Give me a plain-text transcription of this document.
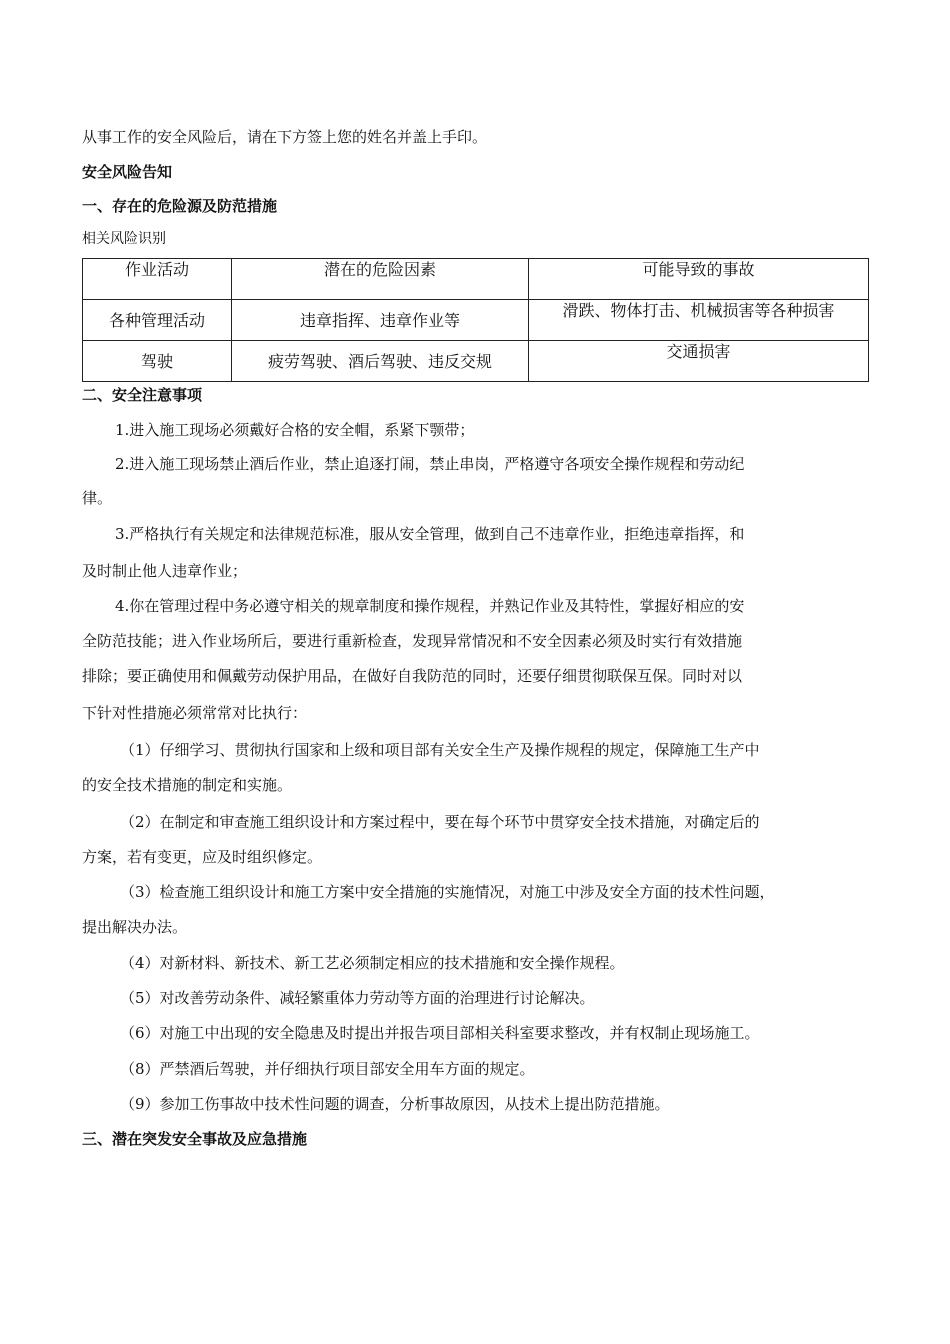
从事工作的安全风险后，请在下方签上您的姓名并盖上手印。
安全风险告知
一、存在的危险源及防范措施
相关风险识别
作业活动	潜在的危险因素	可能导致的事故
各种管理活动	违章指挥、违章作业等	滑跌、物体打击、机械损害等各种损害
驾驶	疲劳驾驶、酒后驾驶、违反交规	交通损害
二、安全注意事项
1.进入施工现场必须戴好合格的安全帽，系紧下颚带；
2.进入施工现场禁止酒后作业，禁止追逐打闹，禁止串岗，严格遵守各项安全操作规程和劳动纪
律。
3.严格执行有关规定和法律规范标准，服从安全管理，做到自己不违章作业，拒绝违章指挥，和
及时制止他人违章作业；
4.你在管理过程中务必遵守相关的规章制度和操作规程，并熟记作业及其特性，掌握好相应的安
全防范技能；进入作业场所后，要进行重新检查，发现异常情况和不安全因素必须及时实行有效措施
排除；要正确使用和佩戴劳动保护用品，在做好自我防范的同时，还要仔细贯彻联保互保。同时对以
下针对性措施必须常常对比执行：
（1）仔细学习、贯彻执行国家和上级和项目部有关安全生产及操作规程的规定，保障施工生产中
的安全技术措施的制定和实施。
（2）在制定和审查施工组织设计和方案过程中，要在每个环节中贯穿安全技术措施，对确定后的
方案，若有变更，应及时组织修定。
（3）检查施工组织设计和施工方案中安全措施的实施情况，对施工中涉及安全方面的技术性问题，
提出解决办法。
（4）对新材料、新技术、新工艺必须制定相应的技术措施和安全操作规程。
（5）对改善劳动条件、减轻繁重体力劳动等方面的治理进行讨论解决。
（6）对施工中出现的安全隐患及时提出并报告项目部相关科室要求整改，并有权制止现场施工。
（8）严禁酒后驾驶，并仔细执行项目部安全用车方面的规定。
（9）参加工伤事故中技术性问题的调查，分析事故原因，从技术上提出防范措施。
三、潜在突发安全事故及应急措施
